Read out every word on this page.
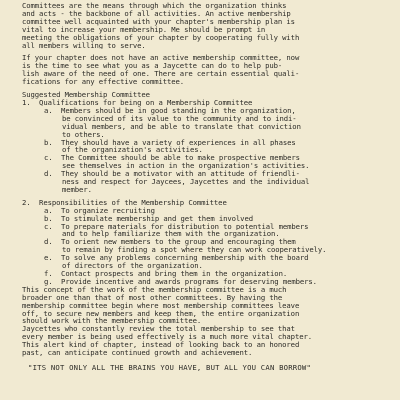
Committees are the means through which the organization thinks
and acts - the backbone of all activities. An active membership
committee well acquainted with your chapter's membership plan is
vital to increase your membership. Me should be prompt in
meeting the obligations of your chapter by cooperating fully with
all members willing to serve.
If your chapter does not have an active membership committee, now
is the time to see what you as a Jaycette can do to help pub-
lish aware of the need of one. There are certain essential quali-
fications for any effective committee.
Suggested Membership Committee
1.  Qualifications for being on a Membership Committee
a.  Members should be in good standing in the organization,
be convinced of its value to the community and to indi-
vidual members, and be able to translate that conviction
to others.
b.  They should have a variety of experiences in all phases
of the organization's activities.
c.  The Committee should be able to make prospective members
see themselves in action in the organization's activities.
d.  They should be a motivator with an attitude of friendli-
ness and respect for Jaycees, Jaycettes and the individual
member.
2.  Responsibilities of the Membership Committee
a.  To organize recruiting
b.  To stimulate membership and get them involved
c.  To prepare materials for distribution to potential members
and to help familiarize them with the organization.
d.  To orient new members to the group and encouraging them
to remain by finding a spot where they can work cooperatively.
e.  To solve any problems concerning membership with the board
of directors of the organization.
f.  Contact prospects and bring them in the organization.
g.  Provide incentive and awards programs for deserving members.
This concept of the work of the membership committee is a much
broader one than that of most other committees. By having the
membership committee begin where most membership committees leave
off, to secure new members and keep them, the entire organization
should work with the membership committee.
Jaycettes who constantly review the total membership to see that
every member is being used effectively is a much more vital chapter.
This alert kind of chapter, instead of looking back to an honored
past, can anticipate continued growth and achievement.
"ITS NOT ONLY ALL THE BRAINS YOU HAVE, BUT ALL YOU CAN BORROW"
